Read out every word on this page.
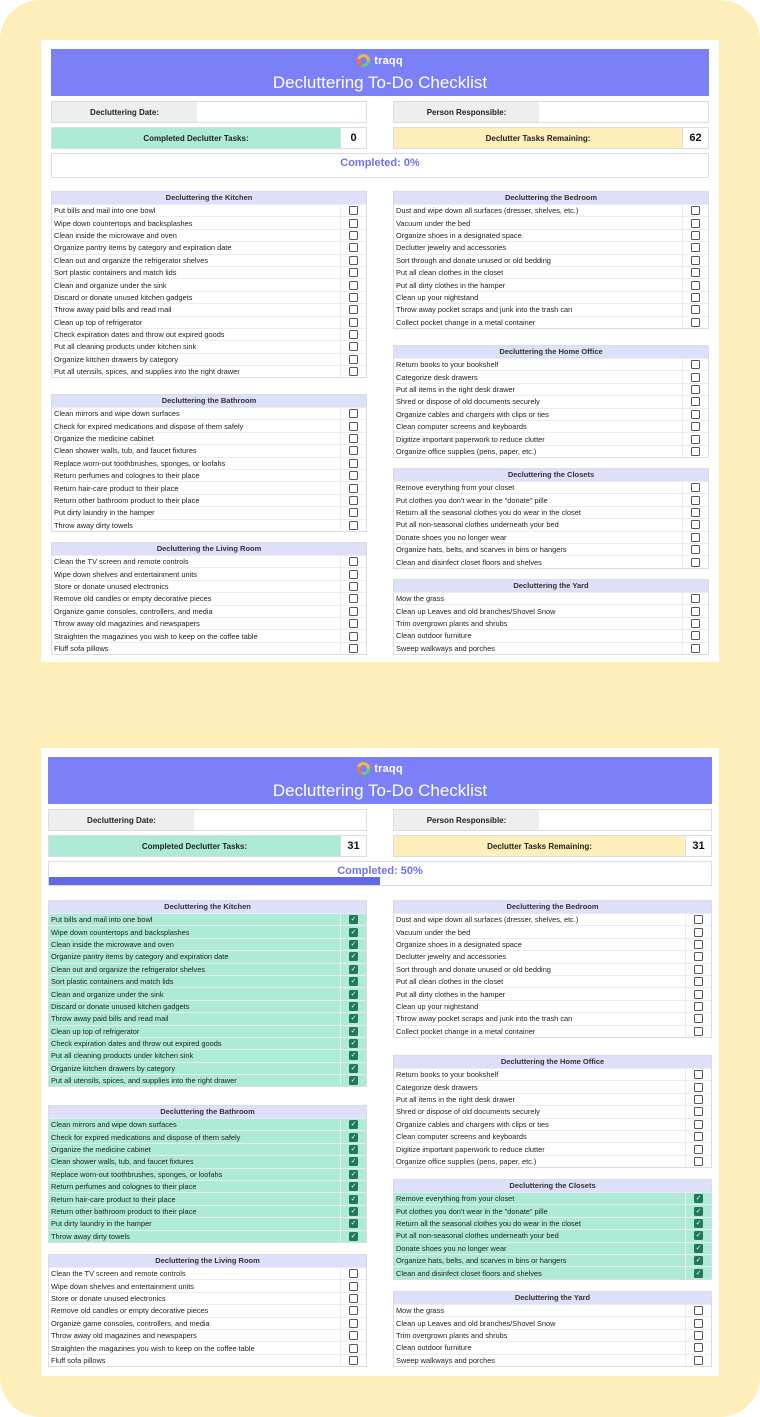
traqq
Decluttering To-Do Checklist
Decluttering Date:	Person Responsible:
Completed Declutter Tasks:	0	Declutter Tasks Remaining:	62
Completed: 0%
Decluttering the Kitchen
Put bills and mail into one bowl
Wipe down countertops and backsplashes
Clean inside the microwave and oven
Organize pantry items by category and expiration date
Clean out and organize the refrigerator shelves
Sort plastic containers and match lids
Clean and organize under the sink
Discard or donate unused kitchen gadgets
Throw away paid bills and read mail
Clean up top of refrigerator
Check expiration dates and throw out expired goods
Put all cleaning products under kitchen sink
Organize kitchen drawers by category
Put all utensils, spices, and supplies into the right drawer
Decluttering the Bathroom
Clean mirrors and wipe down surfaces
Check for expired medications and dispose of them safely
Organize the medicine cabinet
Clean shower walls, tub, and faucet fixtures
Replace worn-out toothbrushes, sponges, or loofahs
Return perfumes and colognes to their place
Return hair-care product to their place
Return other bathroom product to their place
Put dirty laundry in the hamper
Throw away dirty towels
Decluttering the Living Room
Clean the TV screen and remote controls
Wipe down shelves and entertainment units
Store or donate unused electronics
Remove old candles or empty decorative pieces
Organize game consoles, controllers, and media
Throw away old magazines and newspapers
Straighten the magazines you wish to keep on the coffee table
Fluff sofa pillows
Decluttering the Bedroom
Dust and wipe down all surfaces (dresser, shelves, etc.)
Vacuum under the bed
Organize shoes in a designated space
Declutter jewelry and accessories
Sort through and donate unused or old bedding
Put all clean clothes in the closet
Put all dirty clothes in the hamper
Clean up your nightstand
Throw away pocket scraps and junk into the trash can
Collect pocket change in a metal container
Decluttering the Home Office
Return books to your bookshelf
Categorize desk drawers
Put all items in the right desk drawer
Shred or dispose of old documents securely
Organize cables and chargers with clips or ties
Clean computer screens and keyboards
Digitize important paperwork to reduce clutter
Organize office supplies (pens, paper, etc.)
Decluttering the Closets
Remove everything from your closet
Put clothes you don't wear in the "donate" pille
Return all the seasonal clothes you do wear in the closet
Put all non-seasonal clothes underneath your bed
Donate shoes you no longer wear
Organize hats, belts, and scarves in bins or hangers
Clean and disinfect closet floors and shelves
Decluttering the Yard
Mow the grass
Clean up Leaves and old branches/Shovel Snow
Trim overgrown plants and shrubs
Clean outdoor furniture
Sweep walkways and porches
traqq
Decluttering To-Do Checklist
Decluttering Date:	Person Responsible:
Completed Declutter Tasks:	31	Declutter Tasks Remaining:	31
Completed: 50%
Decluttering the Kitchen
Put bills and mail into one bowl	✓
Wipe down countertops and backsplashes	✓
Clean inside the microwave and oven	✓
Organize pantry items by category and expiration date	✓
Clean out and organize the refrigerator shelves	✓
Sort plastic containers and match lids	✓
Clean and organize under the sink	✓
Discard or donate unused kitchen gadgets	✓
Throw away paid bills and read mail	✓
Clean up top of refrigerator	✓
Check expiration dates and throw out expired goods	✓
Put all cleaning products under kitchen sink	✓
Organize kitchen drawers by category	✓
Put all utensils, spices, and supplies into the right drawer	✓
Decluttering the Bathroom
Clean mirrors and wipe down surfaces	✓
Check for expired medications and dispose of them safely	✓
Organize the medicine cabinet	✓
Clean shower walls, tub, and faucet fixtures	✓
Replace worn-out toothbrushes, sponges, or loofahs	✓
Return perfumes and colognes to their place	✓
Return hair-care product to their place	✓
Return other bathroom product to their place	✓
Put dirty laundry in the hamper	✓
Throw away dirty towels	✓
Decluttering the Living Room
Clean the TV screen and remote controls
Wipe down shelves and entertainment units
Store or donate unused electronics
Remove old candles or empty decorative pieces
Organize game consoles, controllers, and media
Throw away old magazines and newspapers
Straighten the magazines you wish to keep on the coffee table
Fluff sofa pillows
Decluttering the Bedroom
Dust and wipe down all surfaces (dresser, shelves, etc.)
Vacuum under the bed
Organize shoes in a designated space
Declutter jewelry and accessories
Sort through and donate unused or old bedding
Put all clean clothes in the closet
Put all dirty clothes in the hamper
Clean up your nightstand
Throw away pocket scraps and junk into the trash can
Collect pocket change in a metal container
Decluttering the Home Office
Return books to your bookshelf
Categorize desk drawers
Put all items in the right desk drawer
Shred or dispose of old documents securely
Organize cables and chargers with clips or ties
Clean computer screens and keyboards
Digitize important paperwork to reduce clutter
Organize office supplies (pens, paper, etc.)
Decluttering the Closets
Remove everything from your closet	✓
Put clothes you don't wear in the "donate" pille	✓
Return all the seasonal clothes you do wear in the closet	✓
Put all non-seasonal clothes underneath your bed	✓
Donate shoes you no longer wear	✓
Organize hats, belts, and scarves in bins or hangers	✓
Clean and disinfect closet floors and shelves	✓
Decluttering the Yard
Mow the grass
Clean up Leaves and old branches/Shovel Snow
Trim overgrown plants and shrubs
Clean outdoor furniture
Sweep walkways and porches
